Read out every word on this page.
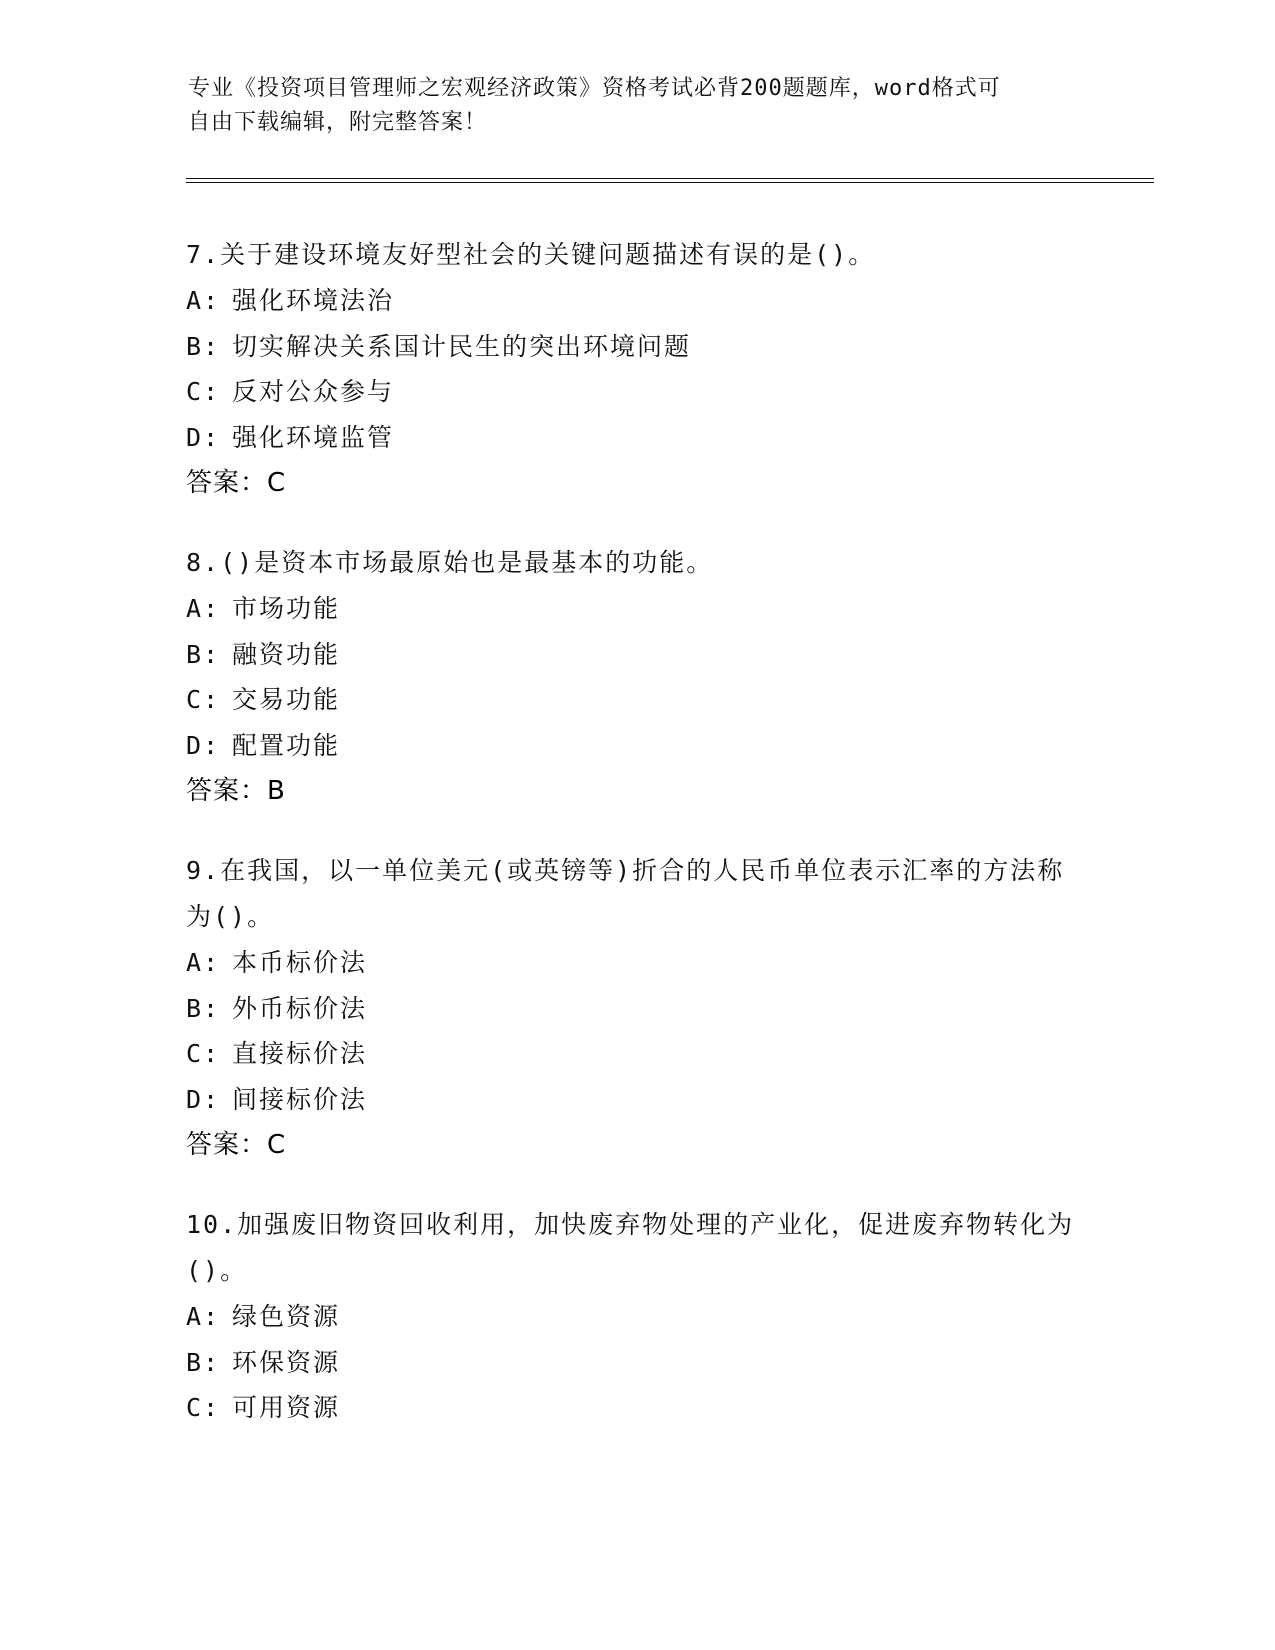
专业《投资项目管理师之宏观经济政策》资格考试必背200题题库，word格式可
自由下载编辑，附完整答案！
7.关于建设环境友好型社会的关键问题描述有误的是()。
A: 强化环境法治
B: 切实解决关系国计民生的突出环境问题
C: 反对公众参与
D: 强化环境监管
答案：C
8.()是资本市场最原始也是最基本的功能。
A: 市场功能
B: 融资功能
C: 交易功能
D: 配置功能
答案：B
9.在我国，以一单位美元(或英镑等)折合的人民币单位表示汇率的方法称为()。
A: 本币标价法
B: 外币标价法
C: 直接标价法
D: 间接标价法
答案：C
10.加强废旧物资回收利用，加快废弃物处理的产业化，促进废弃物转化为()。
A: 绿色资源
B: 环保资源
C: 可用资源
